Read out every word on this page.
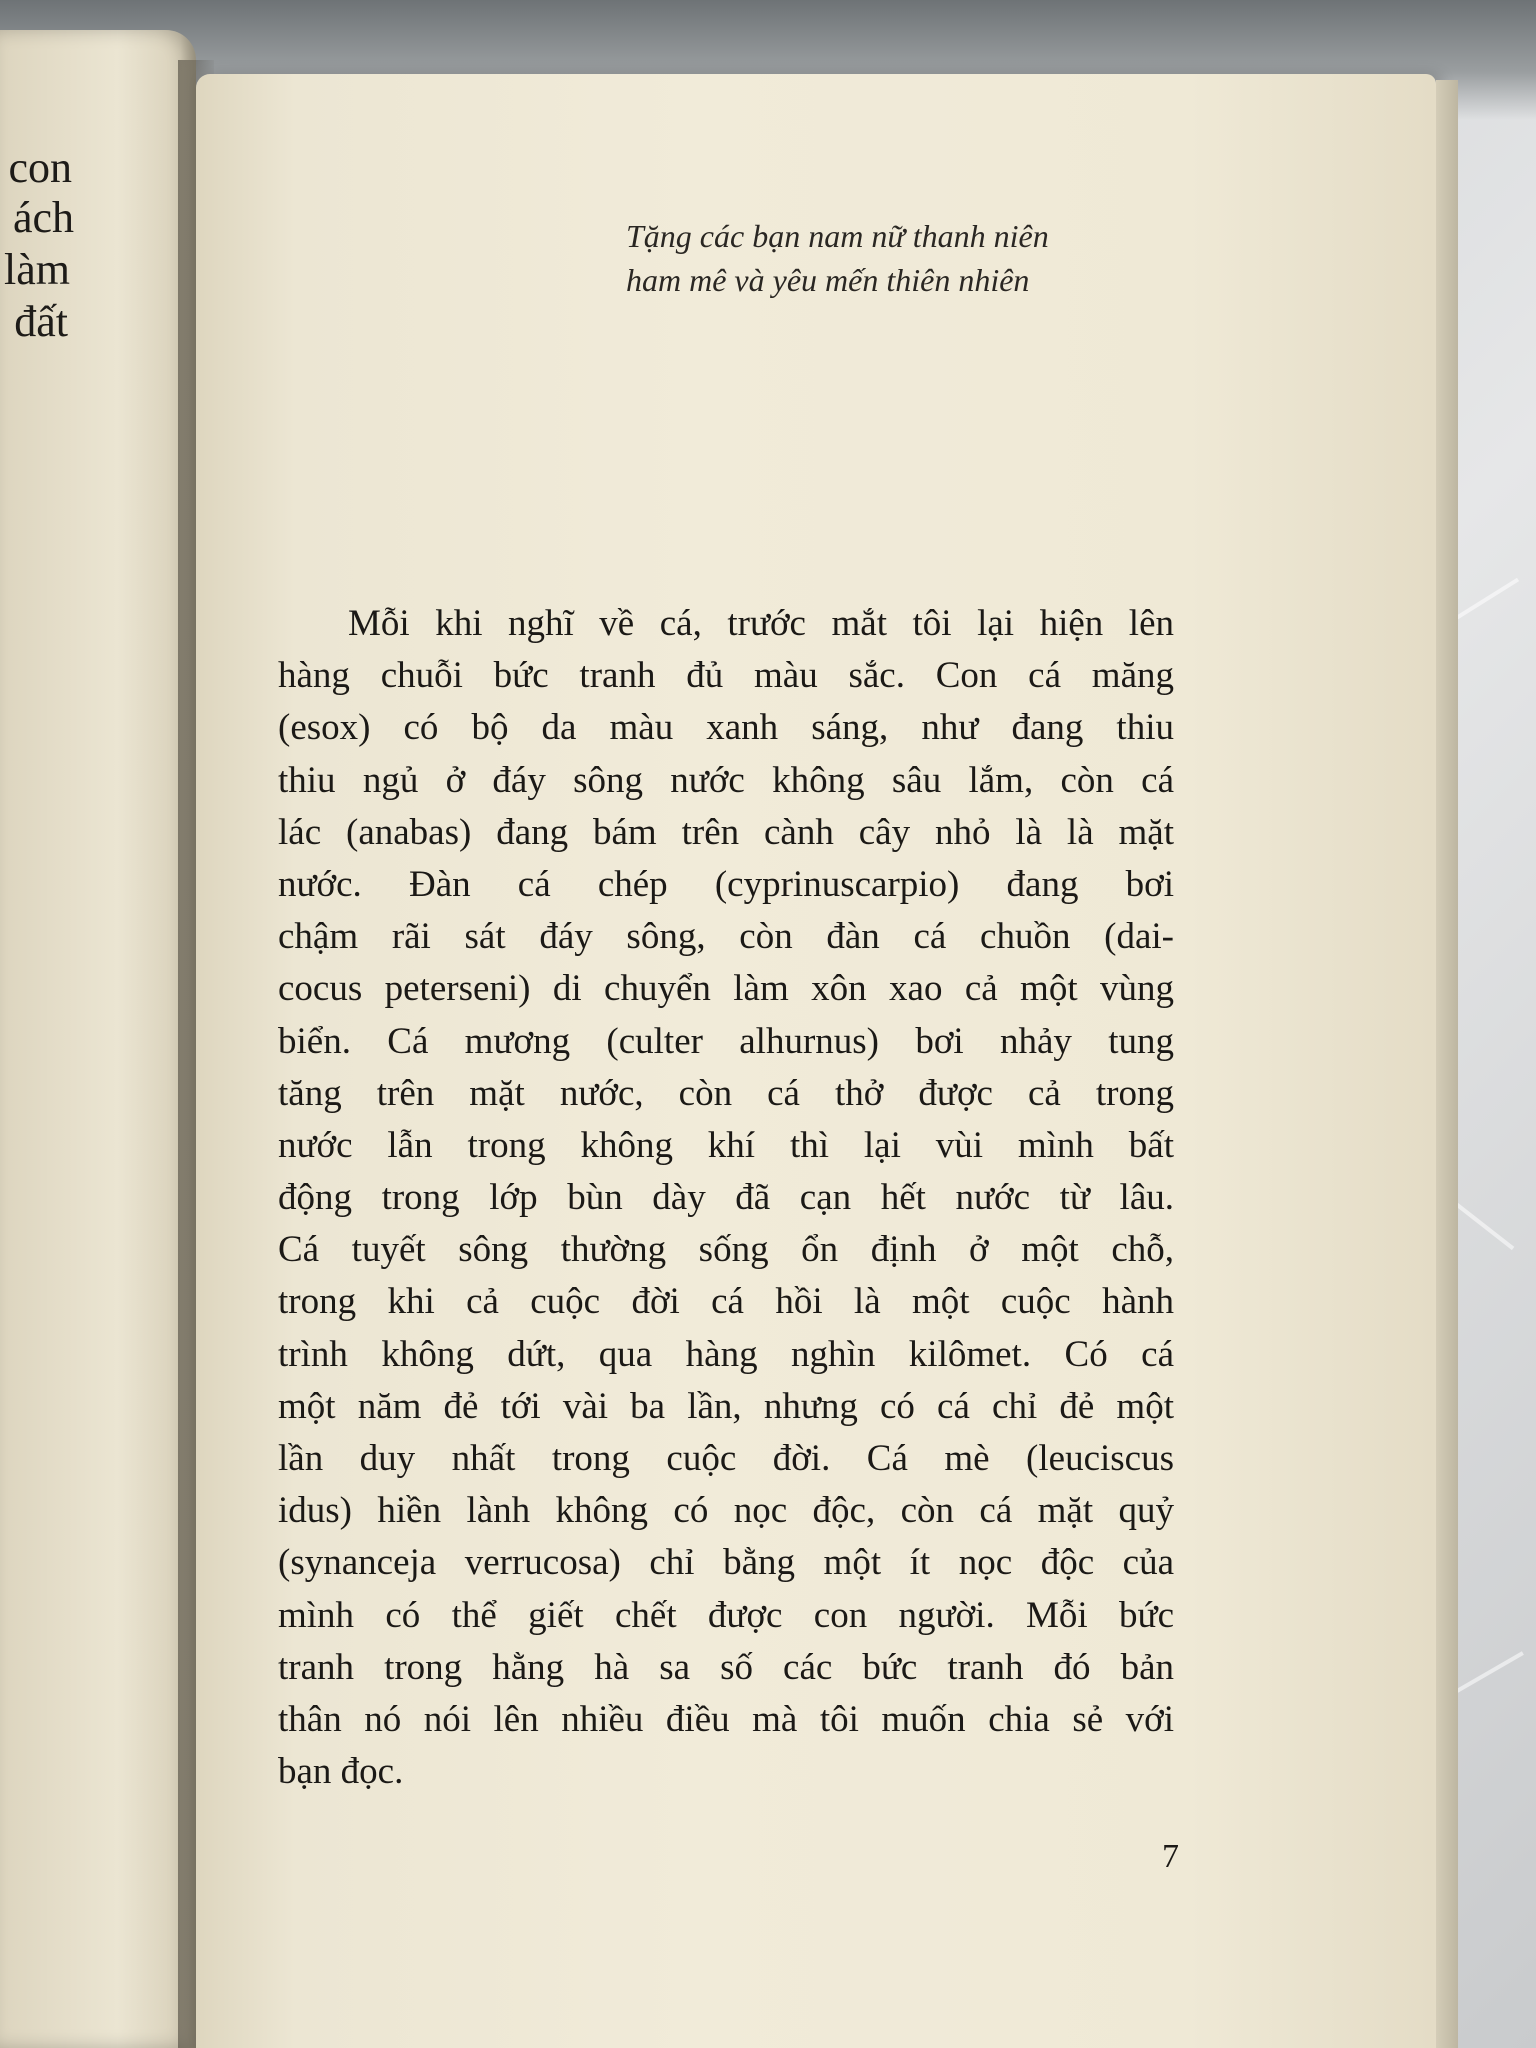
con
ách
làm
đất
Tặng các bạn nam nữ thanh niên
ham mê và yêu mến thiên nhiên
Mỗi khi nghĩ về cá, trước mắt tôi lại hiện lên
hàng chuỗi bức tranh đủ màu sắc. Con cá măng
(esox) có bộ da màu xanh sáng, như đang thiu
thiu ngủ ở đáy sông nước không sâu lắm, còn cá
lác (anabas) đang bám trên cành cây nhỏ là là mặt
nước. Đàn cá chép (cyprinuscarpio) đang bơi
chậm rãi sát đáy sông, còn đàn cá chuồn (dai-
cocus peterseni) di chuyển làm xôn xao cả một vùng
biển. Cá mương (culter alhurnus) bơi nhảy tung
tăng trên mặt nước, còn cá thở được cả trong
nước lẫn trong không khí thì lại vùi mình bất
động trong lớp bùn dày đã cạn hết nước từ lâu.
Cá tuyết sông thường sống ổn định ở một chỗ,
trong khi cả cuộc đời cá hồi là một cuộc hành
trình không dứt, qua hàng nghìn kilômet. Có cá
một năm đẻ tới vài ba lần, nhưng có cá chỉ đẻ một
lần duy nhất trong cuộc đời. Cá mè (leuciscus
idus) hiền lành không có nọc độc, còn cá mặt quỷ
(synanceja verrucosa) chỉ bằng một ít nọc độc của
mình có thể giết chết được con người. Mỗi bức
tranh trong hằng hà sa số các bức tranh đó bản
thân nó nói lên nhiều điều mà tôi muốn chia sẻ với
bạn đọc.
7
